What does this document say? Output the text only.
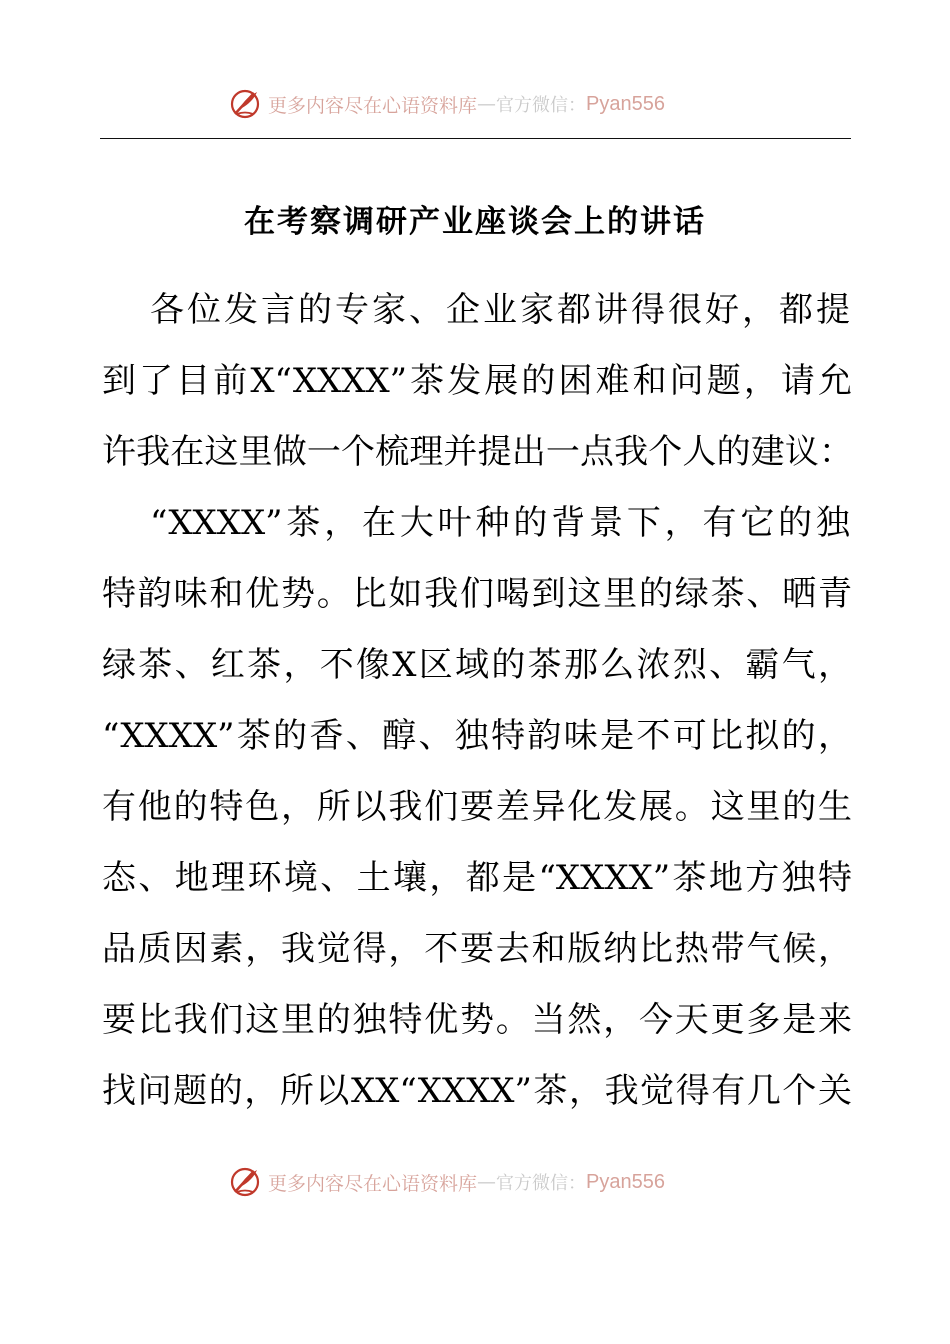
更多内容尽在心语资料库 — 官方微信： Pyan556
在考察调研产业座谈会上的讲话
各位发言的专家、企业家都讲得很好，都提
到了目前X“XXXX”茶发展的困难和问题，请允
许我在这里做一个梳理并提出一点我个人的建议：
“XXXX”茶，在大叶种的背景下，有它的独
特韵味和优势。比如我们喝到这里的绿茶、晒青
绿茶、红茶，不像X区域的茶那么浓烈、霸气，
“XXXX”茶的香、醇、独特韵味是不可比拟的，
有他的特色，所以我们要差异化发展。这里的生
态、地理环境、土壤，都是“XXXX”茶地方独特
品质因素，我觉得，不要去和版纳比热带气候，
要比我们这里的独特优势。当然，今天更多是来
找问题的，所以XX“XXXX”茶，我觉得有几个关
更多内容尽在心语资料库 — 官方微信： Pyan556
